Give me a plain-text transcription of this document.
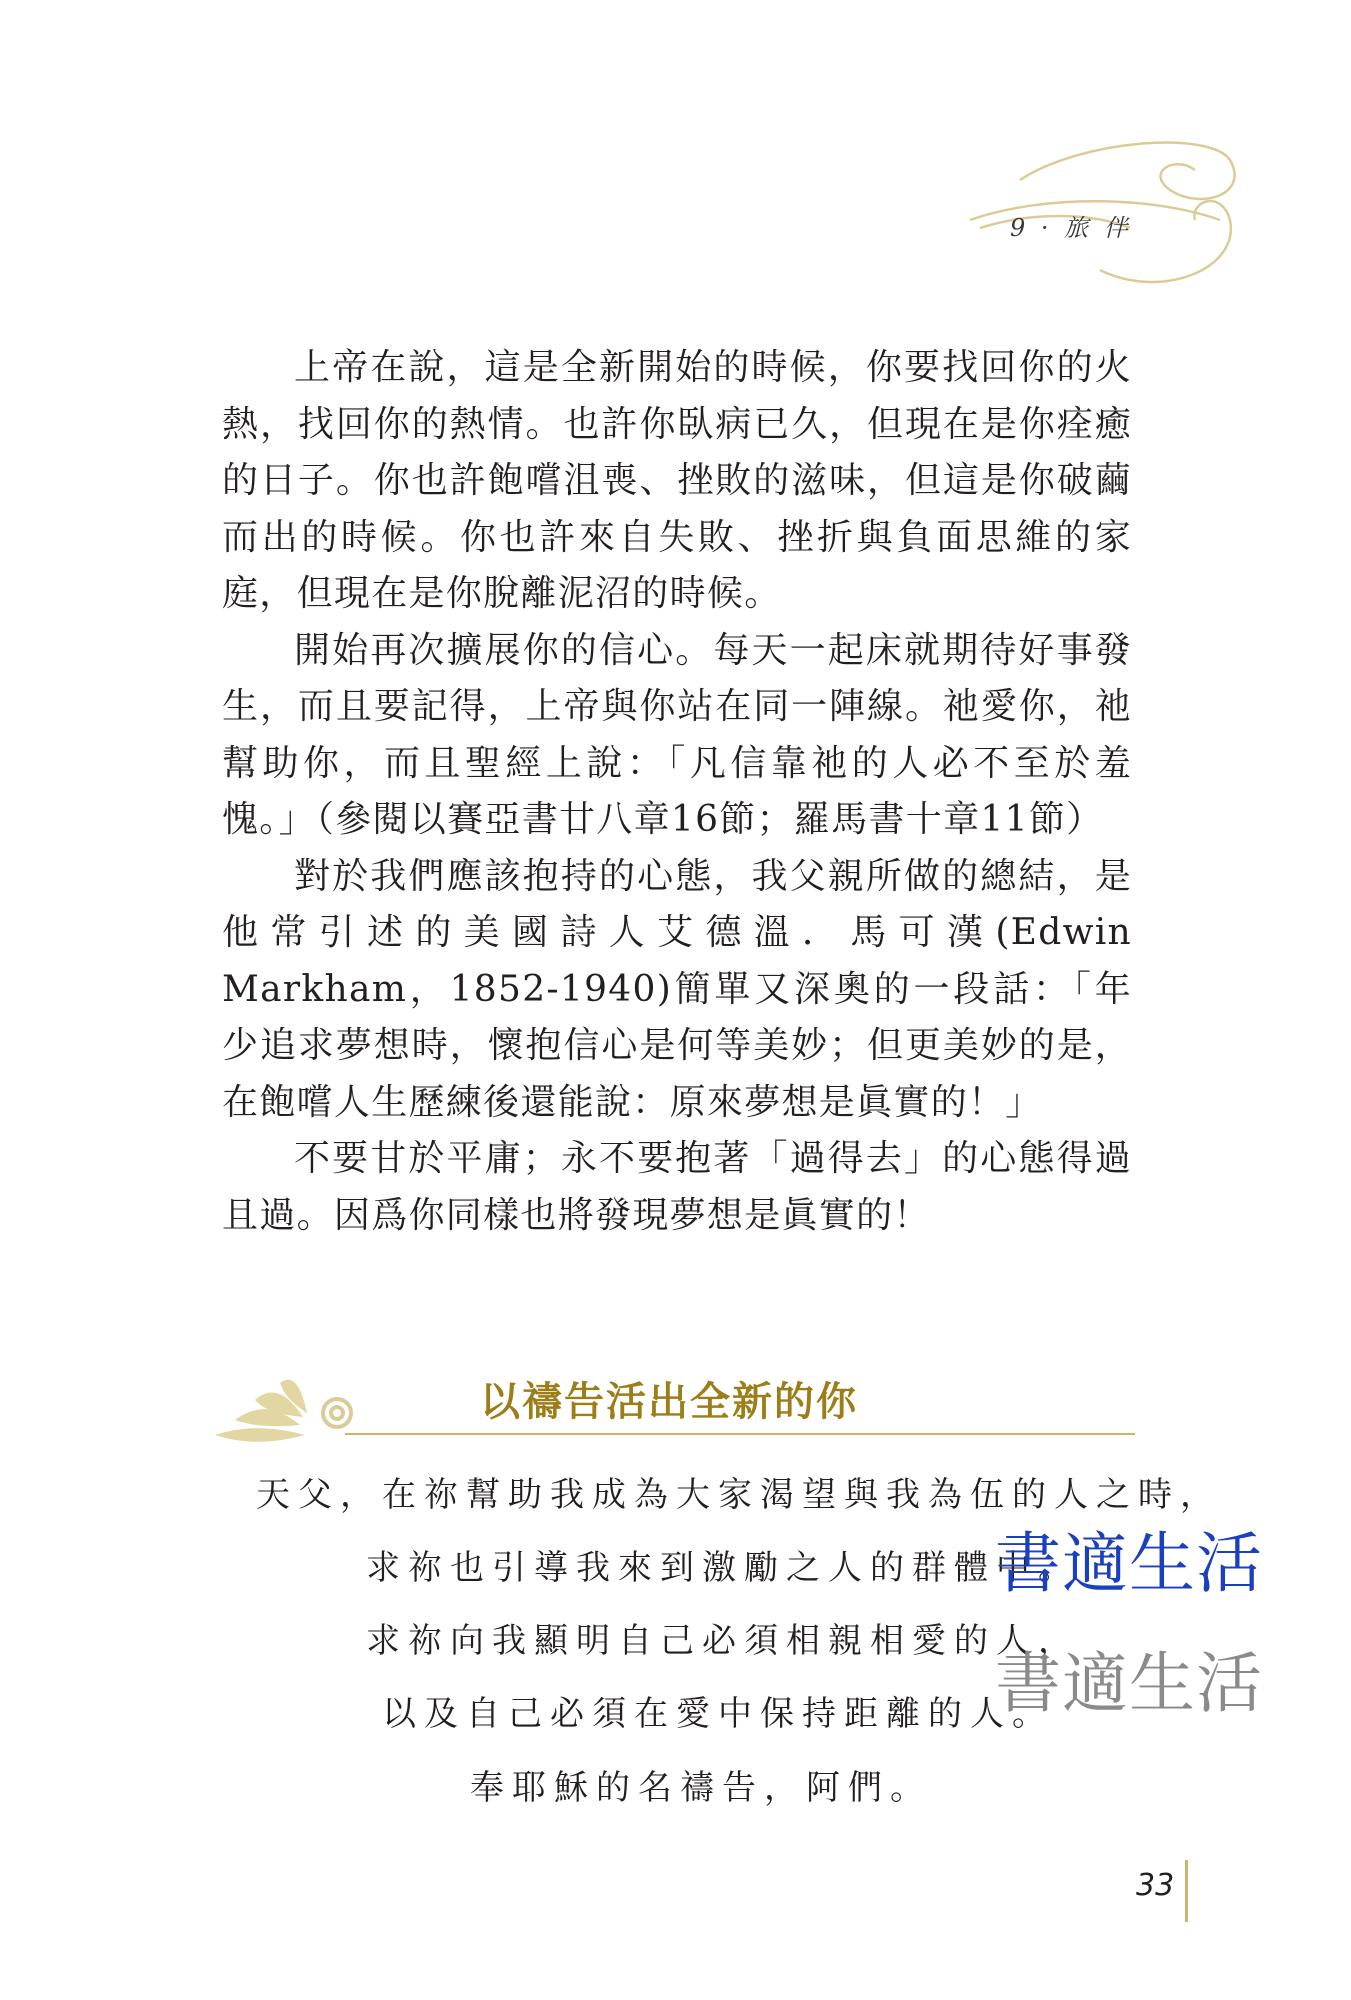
9 · 旅 伴

上帝在說，這是全新開始的時候，你要找回你的火熱，找回你的熱情。也許你臥病已久，但現在是你痊癒的日子。你也許飽嚐沮喪、挫敗的滋味，但這是你破繭而出的時候。你也許來自失敗、挫折與負面思維的家庭，但現在是你脫離泥沼的時候。

開始再次擴展你的信心。每天一起床就期待好事發生，而且要記得，上帝與你站在同一陣線。祂愛你，祂幫助你，而且聖經上說：「凡信靠祂的人必不至於羞愧。」（參閱以賽亞書廿八章16節；羅馬書十章11節）

對於我們應該抱持的心態，我父親所做的總結，是他常引述的美國詩人艾德溫．馬可漢(Edwin Markham，1852-1940)簡單又深奧的一段話：「年少追求夢想時，懷抱信心是何等美妙；但更美妙的是，在飽嚐人生歷練後還能說：原來夢想是眞實的！」

不要甘於平庸；永不要抱著「過得去」的心態得過且過。因爲你同樣也將發現夢想是眞實的！

以禱告活出全新的你
天父，在祢幫助我成為大家渴望與我為伍的人之時，
求祢也引導我來到激勵之人的群體中。
求祢向我顯明自己必須相親相愛的人，
以及自己必須在愛中保持距離的人。
奉耶穌的名禱告，阿們。
書適生活
書適生活
33
